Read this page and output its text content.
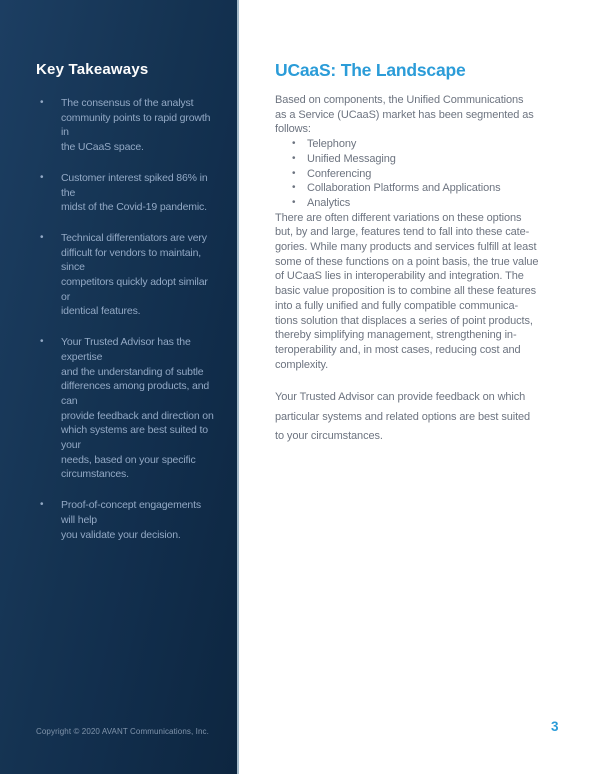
Key Takeaways
• The consensus of the analyst
community points to rapid growth in
the UCaaS space.
• Customer interest spiked 86% in the
midst of the Covid-19 pandemic.
• Technical differentiators are very
difficult for vendors to maintain, since
competitors quickly adopt similar or
identical features.
• Your Trusted Advisor has the expertise
and the understanding of subtle
differences among products, and can
provide feedback and direction on
which systems are best suited to your
needs, based on your specific
circumstances.
• Proof-of-concept engagements will help
you validate your decision.
Copyright © 2020 AVANT Communications, Inc.
UCaaS: The Landscape
Based on components, the Unified Communications
as a Service (UCaaS) market has been segmented as
follows:
• Telephony
• Unified Messaging
• Conferencing
• Collaboration Platforms and Applications
• Analytics
There are often different variations on these options
but, by and large, features tend to fall into these cate-
gories. While many products and services fulfill at least
some of these functions on a point basis, the true value
of UCaaS lies in interoperability and integration. The
basic value proposition is to combine all these features
into a fully unified and fully compatible communica-
tions solution that displaces a series of point products,
thereby simplifying management, strengthening in-
teroperability and, in most cases, reducing cost and
complexity.
Your Trusted Advisor can provide feedback on which
particular systems and related options are best suited
to your circumstances.
3
